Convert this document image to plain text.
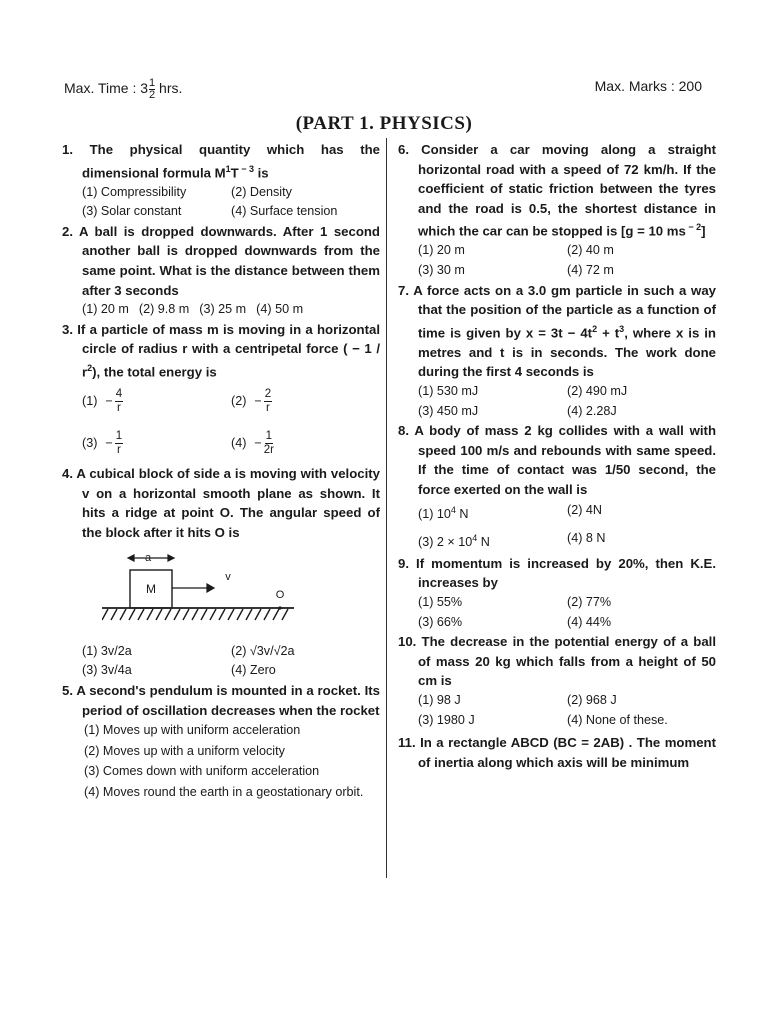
Max. Time : $3 \frac{1}{2}$ hrs.	Max. Marks : 200
(PART 1. PHYSICS)
1. The physical quantity which has the dimensional formula $M^1T$ $^{- 3}$ is
(1) Compressibility	(2) Density
(3) Solar constant	(4) Surface tension
2. A ball is dropped downwards. After 1 second another ball is dropped downwards from the same point. What is the distance between them after 3 seconds
(1) 20 m (2) 9.8 m (3) 25 m (4) 50 m
3. If a particle of mass m is moving in a horizontal circle of radius r with a centripetal force ( − $1 / r^2$), the total energy is
$(1) - \frac{4}{r}$	$(2) - \frac{2}{r}$
$(3) - \frac{1}{r}$	$(4) - \frac{1}{2r}$
4. A cubical block of side a is moving with velocity v on a horizontal smooth plane as shown. It hits a ridge at point O. The angular speed of the block after it hits O is
a
M
v
O
(1) 3v/2a	(2) √3v/√2a
(3) 3v/4a	(4) Zero
5. A second's pendulum is mounted in a rocket. Its period of oscillation decreases when the rocket
(1) Moves up with uniform acceleration
(2) Moves up with a uniform velocity
(3) Comes down with uniform acceleration
(4) Moves round the earth in a geostationary orbit.
6. Consider a car moving along a straight horizontal road with a speed of 72 km/h. If the coefficient of static friction between the tyres and the road is 0.5, the shortest distance in which the car can be stopped is [g = 10 ms $^{- 2}$]
(1) 20 m	(2) 40 m
(3) 30 m	(4) 72 m
7. A force acts on a 3.0 gm particle in such a way that the position of the particle as a function of time is given by $x = 3t - 4t^2 + t^3$, where x is in metres and t is in seconds. The work done during the first 4 seconds is
(1) 530 mJ	(2) 490 mJ
(3) 450 mJ	(4) 2.28J
8. A body of mass 2 kg collides with a wall with speed 100 m/s and rebounds with same speed. If the time of contact was 1/50 second, the force exerted on the wall is
(1) $10^4$ N	(2) 4N
(3) $2 \times 10^4$ N	(4) 8 N
9. If momentum is increased by 20%, then K.E. increases by
(1) 55%	(2) 77%
(3) 66%	(4) 44%
10. The decrease in the potential energy of a ball of mass 20 kg which falls from a height of 50 cm is
(1) 98 J	(2) 968 J
(3) 1980 J	(4) None of these.
11. In a rectangle ABCD (BC = 2AB) . The moment of inertia along which axis will be minimum
